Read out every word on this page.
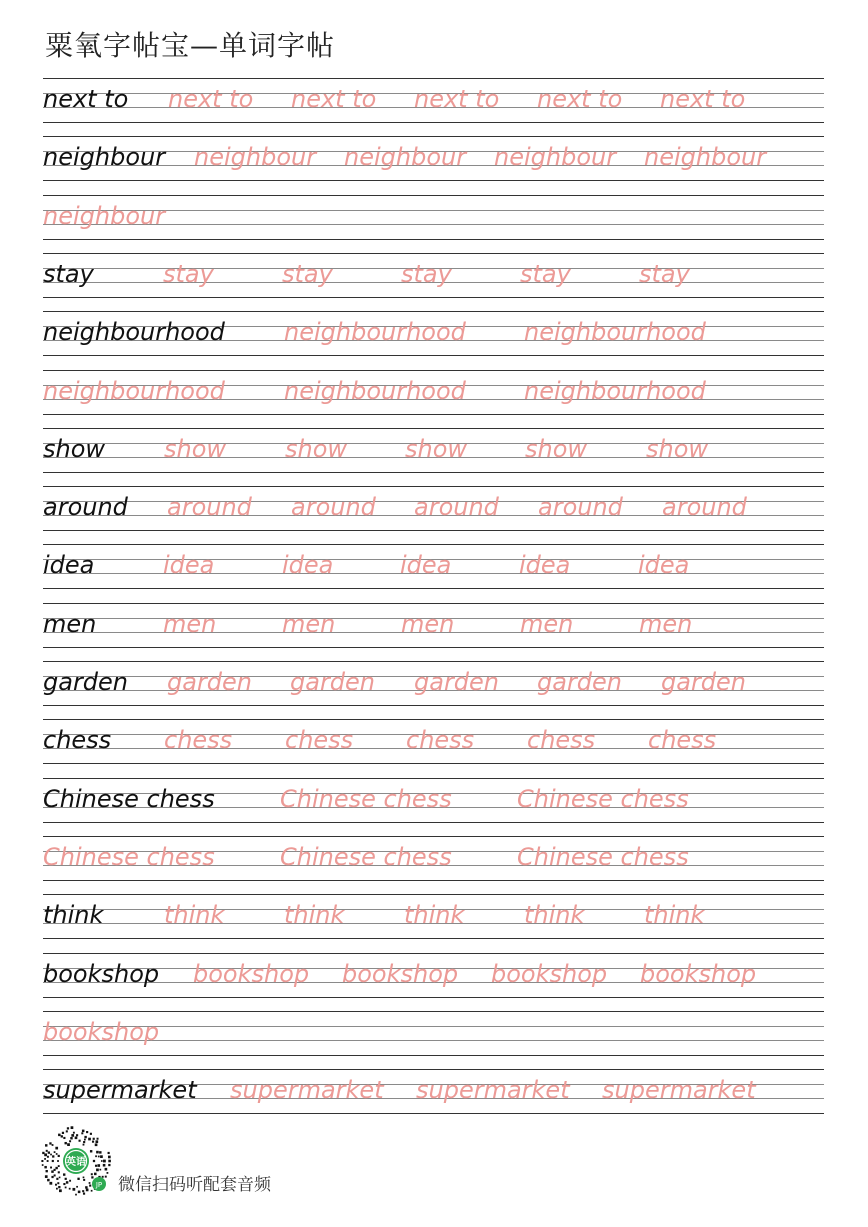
粟氧字帖宝—单词字帖
next to next to next to next to next to next to
neighbour neighbour neighbour neighbour neighbour
neighbour
stay	stay	stay	stay	stay	stay
neighbourhood neighbourhood neighbourhood
neighbourhood neighbourhood neighbourhood
show show show show show show
around around around around around around
idea	idea	idea	idea	idea	idea
men	men	men	men	men	men
garden garden garden garden garden garden
chess chess chess chess chess chess
Chinese chess	Chinese chess	Chinese chess
Chinese chess	Chinese chess	Chinese chess
think	think think think think think
bookshop bookshop bookshop bookshop bookshop
bookshop
supermarket supermarket supermarket supermarket
英语
JP 微信扫码听配套音频
